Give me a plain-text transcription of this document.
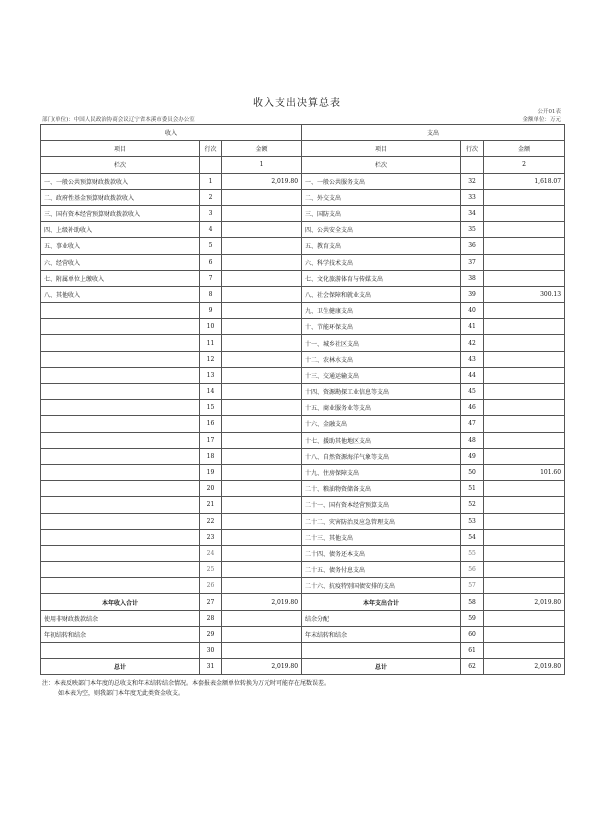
收入支出决算总表
公开01表
部门(单位)：中国人民政治协商会议辽宁省本溪市委员会办公室	金额单位：万元
收入			支出		
项目	行次	金额	项目	行次	金额
栏次		1	栏次		2
一、一般公共预算财政拨款收入	1	2,019.80	一、一般公共服务支出	32	1,618.07
二、政府性基金预算财政拨款收入	2		二、外交支出	33	
三、国有资本经营预算财政拨款收入	3		三、国防支出	34	
四、上级补助收入	4		四、公共安全支出	35	
五、事业收入	5		五、教育支出	36	
六、经营收入	6		六、科学技术支出	37	
七、附属单位上缴收入	7		七、文化旅游体育与传媒支出	38	
八、其他收入	8		八、社会保障和就业支出	39	300.13
	9		九、卫生健康支出	40	
	10		十、节能环保支出	41	
	11		十一、城乡社区支出	42	
	12		十二、农林水支出	43	
	13		十三、交通运输支出	44	
	14		十四、资源勘探工业信息等支出	45	
	15		十五、商业服务业等支出	46	
	16		十六、金融支出	47	
	17		十七、援助其他地区支出	48	
	18		十八、自然资源海洋气象等支出	49	
	19		十九、住房保障支出	50	101.60
	20		二十、粮油物资储备支出	51	
	21		二十一、国有资本经营预算支出	52	
	22		二十二、灾害防治及应急管理支出	53	
	23		二十三、其他支出	54	
	24		二十四、债务还本支出	55	
	25		二十五、债务付息支出	56	
	26		二十六、抗疫特别国债安排的支出	57	
本年收入合计	27	2,019.80	本年支出合计	58	2,019.80
使用非财政拨款结余	28		结余分配	59	
年初结转和结余	29		年末结转和结余	60	
	30			61	
总计	31	2,019.80	总计	62	2,019.80
注：本表反映部门本年度的总收支和年末结转结余情况。本套报表金额单位转换为万元时可能存在尾数误差。
如本表为空，则我部门本年度无此类资金收支。
